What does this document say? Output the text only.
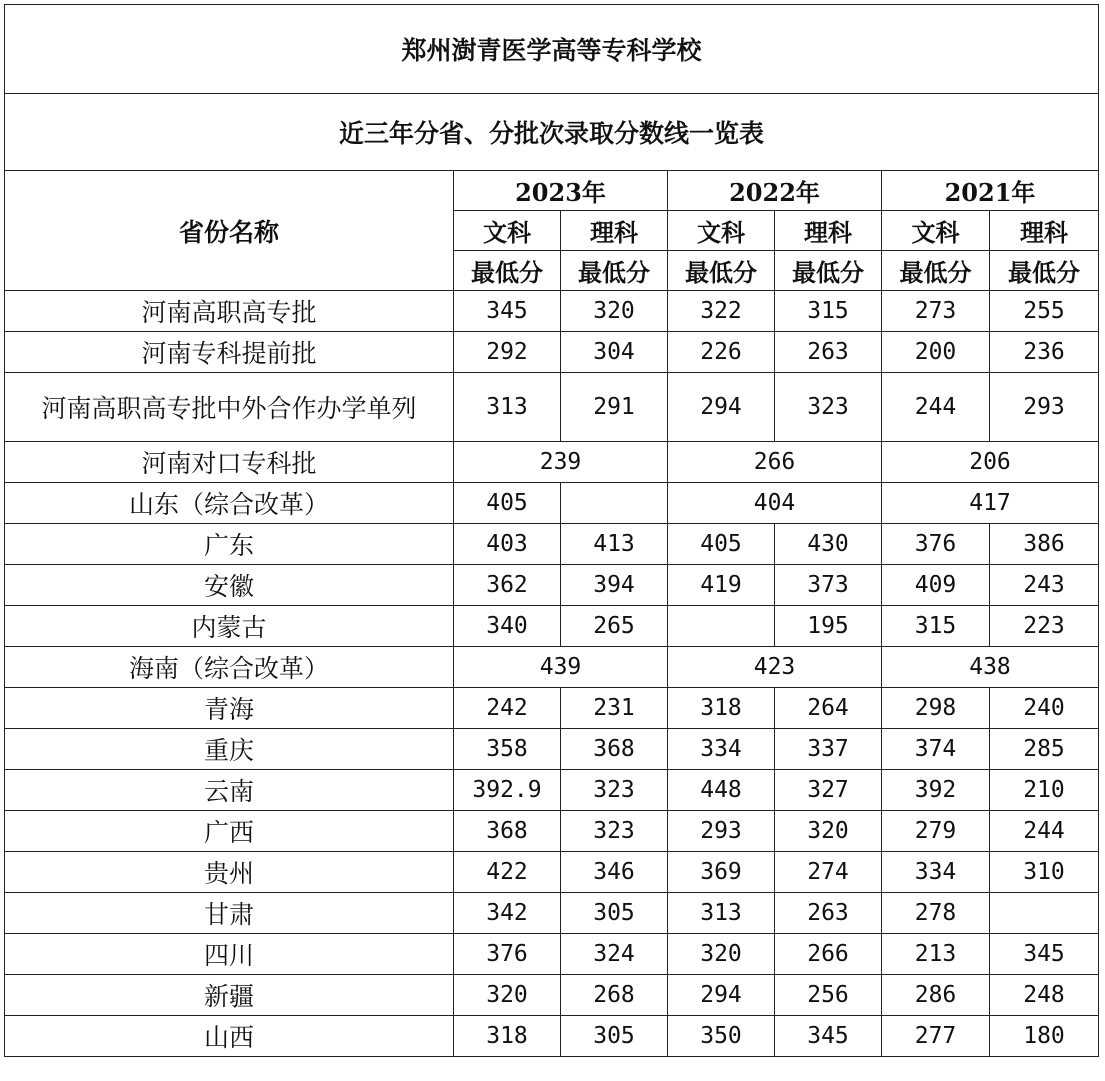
郑州澍青医学高等专科学校						
近三年分省、分批次录取分数线一览表						
省份名称	2023年		2022年		2021年	
	文科	理科	文科	理科	文科	理科
	最低分	最低分	最低分	最低分	最低分	最低分
河南高职高专批	345	320	322	315	273	255
河南专科提前批	292	304	226	263	200	236
河南高职高专批中外合作办学单列	313	291	294	323	244	293
河南对口专科批	239		266		206	
山东（综合改革）	405		404		417	
广东	403	413	405	430	376	386
安徽	362	394	419	373	409	243
内蒙古	340	265		195	315	223
海南（综合改革）	439		423		438	
青海	242	231	318	264	298	240
重庆	358	368	334	337	374	285
云南	392.9	323	448	327	392	210
广西	368	323	293	320	279	244
贵州	422	346	369	274	334	310
甘肃	342	305	313	263	278	
四川	376	324	320	266	213	345
新疆	320	268	294	256	286	248
山西	318	305	350	345	277	180
